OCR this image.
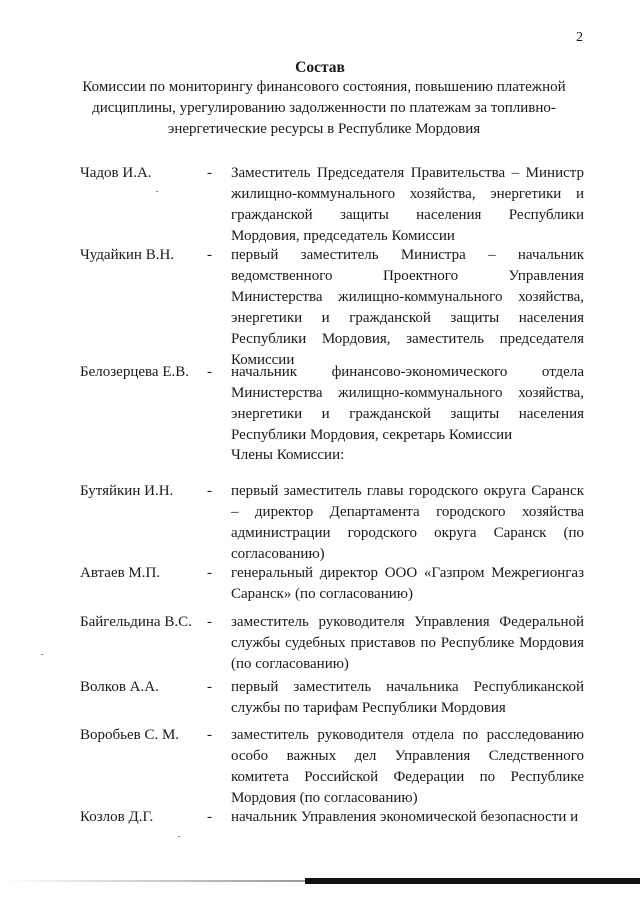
2
Состав
Комиссии по мониторингу финансового состояния, повышению платежной дисциплины, урегулированию задолженности по платежам за топливно-энергетические ресурсы в Республике Мордовия
Чадов И.А.	- Заместитель Председателя Правительства – Министр жилищно-коммунального хозяйства, энергетики и гражданской защиты населения Республики Мордовия, председатель Комиссии
Чудайкин В.Н.	- первый заместитель Министра – начальник ведомственного Проектного Управления Министерства жилищно-коммунального хозяйства, энергетики и гражданской защиты населения Республики Мордовия, заместитель председателя Комиссии
Белозерцева Е.В.	- начальник финансово-экономического отдела Министерства жилищно-коммунального хозяйства, энергетики и гражданской защиты населения Республики Мордовия, секретарь Комиссии
Члены Комиссии:
Бутяйкин И.Н.	- первый заместитель главы городского округа Саранск – директор Департамента городского хозяйства администрации городского округа Саранск (по согласованию)
Автаев М.П.	- генеральный директор ООО «Газпром Межрегионгаз Саранск» (по согласованию)
Байгельдина В.С.	- заместитель руководителя Управления Федеральной службы судебных приставов по Республике Мордовия (по согласованию)
Волков А.А.	- первый заместитель начальника Республиканской службы по тарифам Республики Мордовия
Воробьев С. М.	- заместитель руководителя отдела по расследованию особо важных дел Управления Следственного комитета Российской Федерации по Республике Мордовия (по согласованию)
Козлов Д.Г.	- начальник Управления экономической безопасности и
